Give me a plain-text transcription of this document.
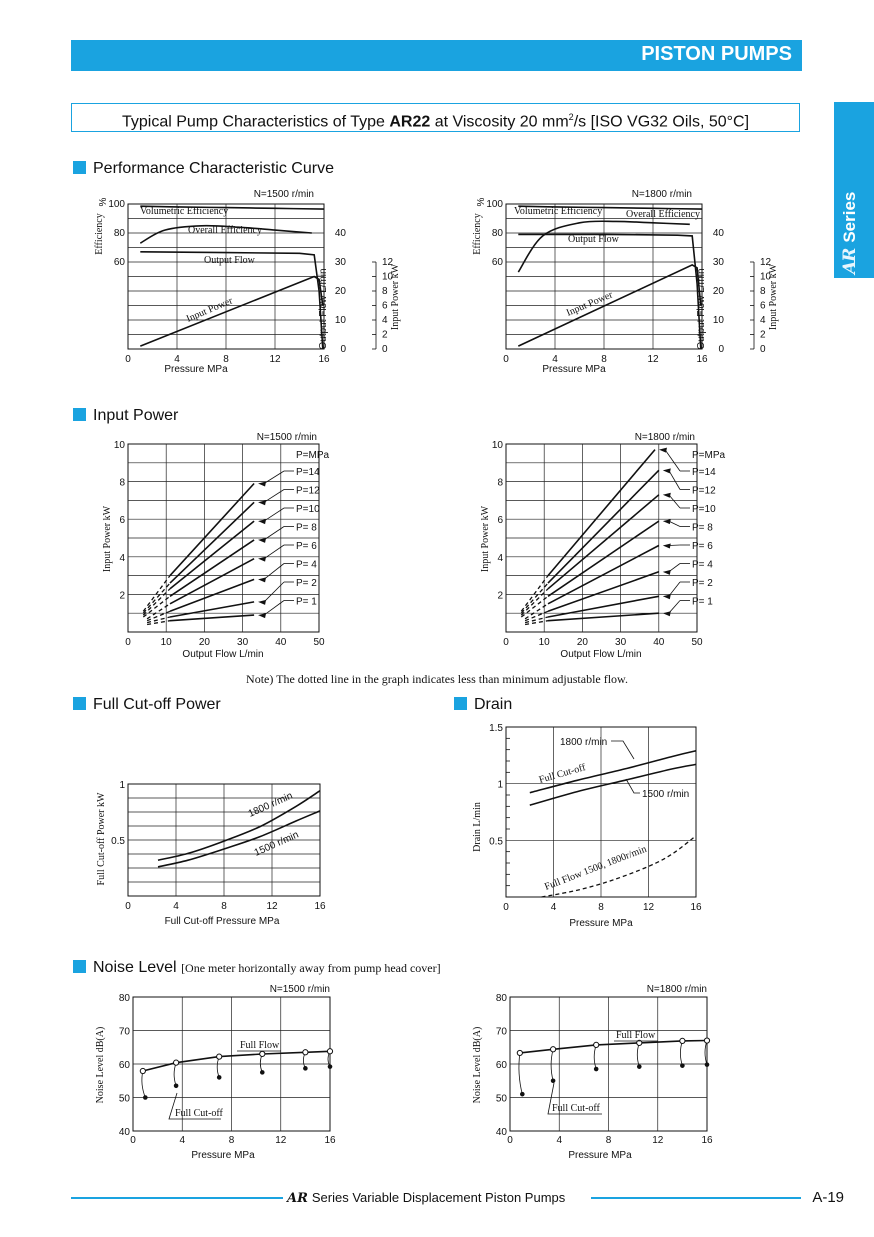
PISTON PUMPS
ARSeries
Typical Pump Characteristics of Type AR22 at Viscosity 20 $mm^2/s$ [ISO VG32 Oils, 50°C]
Performance Characteristic Curve
Input Power
Full Cut-off Power	Drain
Noise Level [One meter horizontally away from pump head cover]
Note) The dotted line in the graph indicates less than minimum adjustable flow.
N=1500 r/min
0	4	8	12	16
60
80
100
Pressure MPa
Efficiency
%
0
10
20
30
40
Output Flow L/min	0
2
4
6
8
10
12
Input Power kW
Volumetric Efficiency
Overall Efficiency
Output Flow
Input Power
N=1800 r/min
0	4	8	12	16
60
80
100
Pressure MPa
Efficiency
%
0
10
20
30
40
Output Flow L/min	0
2
4
6
8
10
12
Input Power kW
Volumetric Efficiency Overall Efficiency
Output Flow
Input Power
N=1500 r/min
0	10	20	30	40	50
2
4
6
8
10
Output Flow L/min
Input Power kW
P=MPa
P=14
P=12
P=10
P= 8
P= 6
P= 4
P= 2
P= 1
N=1800 r/min
0	10	20	30	40	50
2
4
6
8
10
Output Flow L/min
Input Power kW
P=MPa
P=14
P=12
P=10
P= 8
P= 6
P= 4
P= 2
P= 1
0	4	8	12	16
0.5
1
Full Cut-off Pressure MPa
Full Cut-off Power kW	1800 r/min
1500 r/min
0	4	8	12	16
0.5
1
1.5
Pressure MPa
Drain L/min
1800 r/min
1500 r/min
Full Cut-off
Full Flow 1500, 1800r/min
N=1500 r/min
0	4	8	12	16
40
50
60
70
80
Pressure MPa
Noise Level dB(A)	Full Flow
Full Cut-off
N=1800 r/min
0	4	8	12	16
40
50
60
70
80
Pressure MPa
Noise Level dB(A)	Full Flow
Full Cut-off
AR Series Variable Displacement Piston Pumps	A-19
